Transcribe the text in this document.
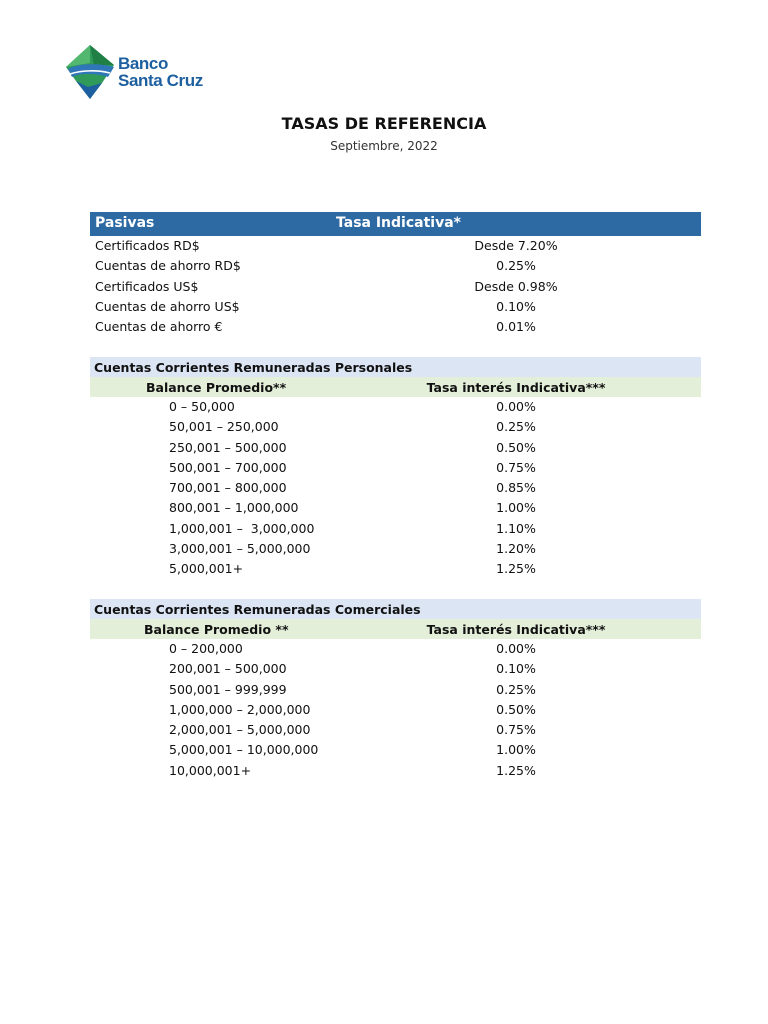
Banco
Santa Cruz
TASAS DE REFERENCIA
Septiembre, 2022
Pasivas	Tasa Indicativa*
Certificados RD$	Desde 7.20%
Cuentas de ahorro RD$	0.25%
Certificados US$	Desde 0.98%
Cuentas de ahorro US$	0.10%
Cuentas de ahorro €	0.01%
Cuentas Corrientes Remuneradas Personales
Balance Promedio**	Tasa interés Indicativa***
0 – 50,000	0.00%
50,001 – 250,000	0.25%
250,001 – 500,000	0.50%
500,001 – 700,000	0.75%
700,001 – 800,000	0.85%
800,001 – 1,000,000	1.00%
1,000,001 –  3,000,000	1.10%
3,000,001 – 5,000,000	1.20%
5,000,001+	1.25%
Cuentas Corrientes Remuneradas Comerciales
Balance Promedio **	Tasa interés Indicativa***
0 – 200,000	0.00%
200,001 – 500,000	0.10%
500,001 – 999,999	0.25%
1,000,000 – 2,000,000	0.50%
2,000,001 – 5,000,000	0.75%
5,000,001 – 10,000,000	1.00%
10,000,001+	1.25%
